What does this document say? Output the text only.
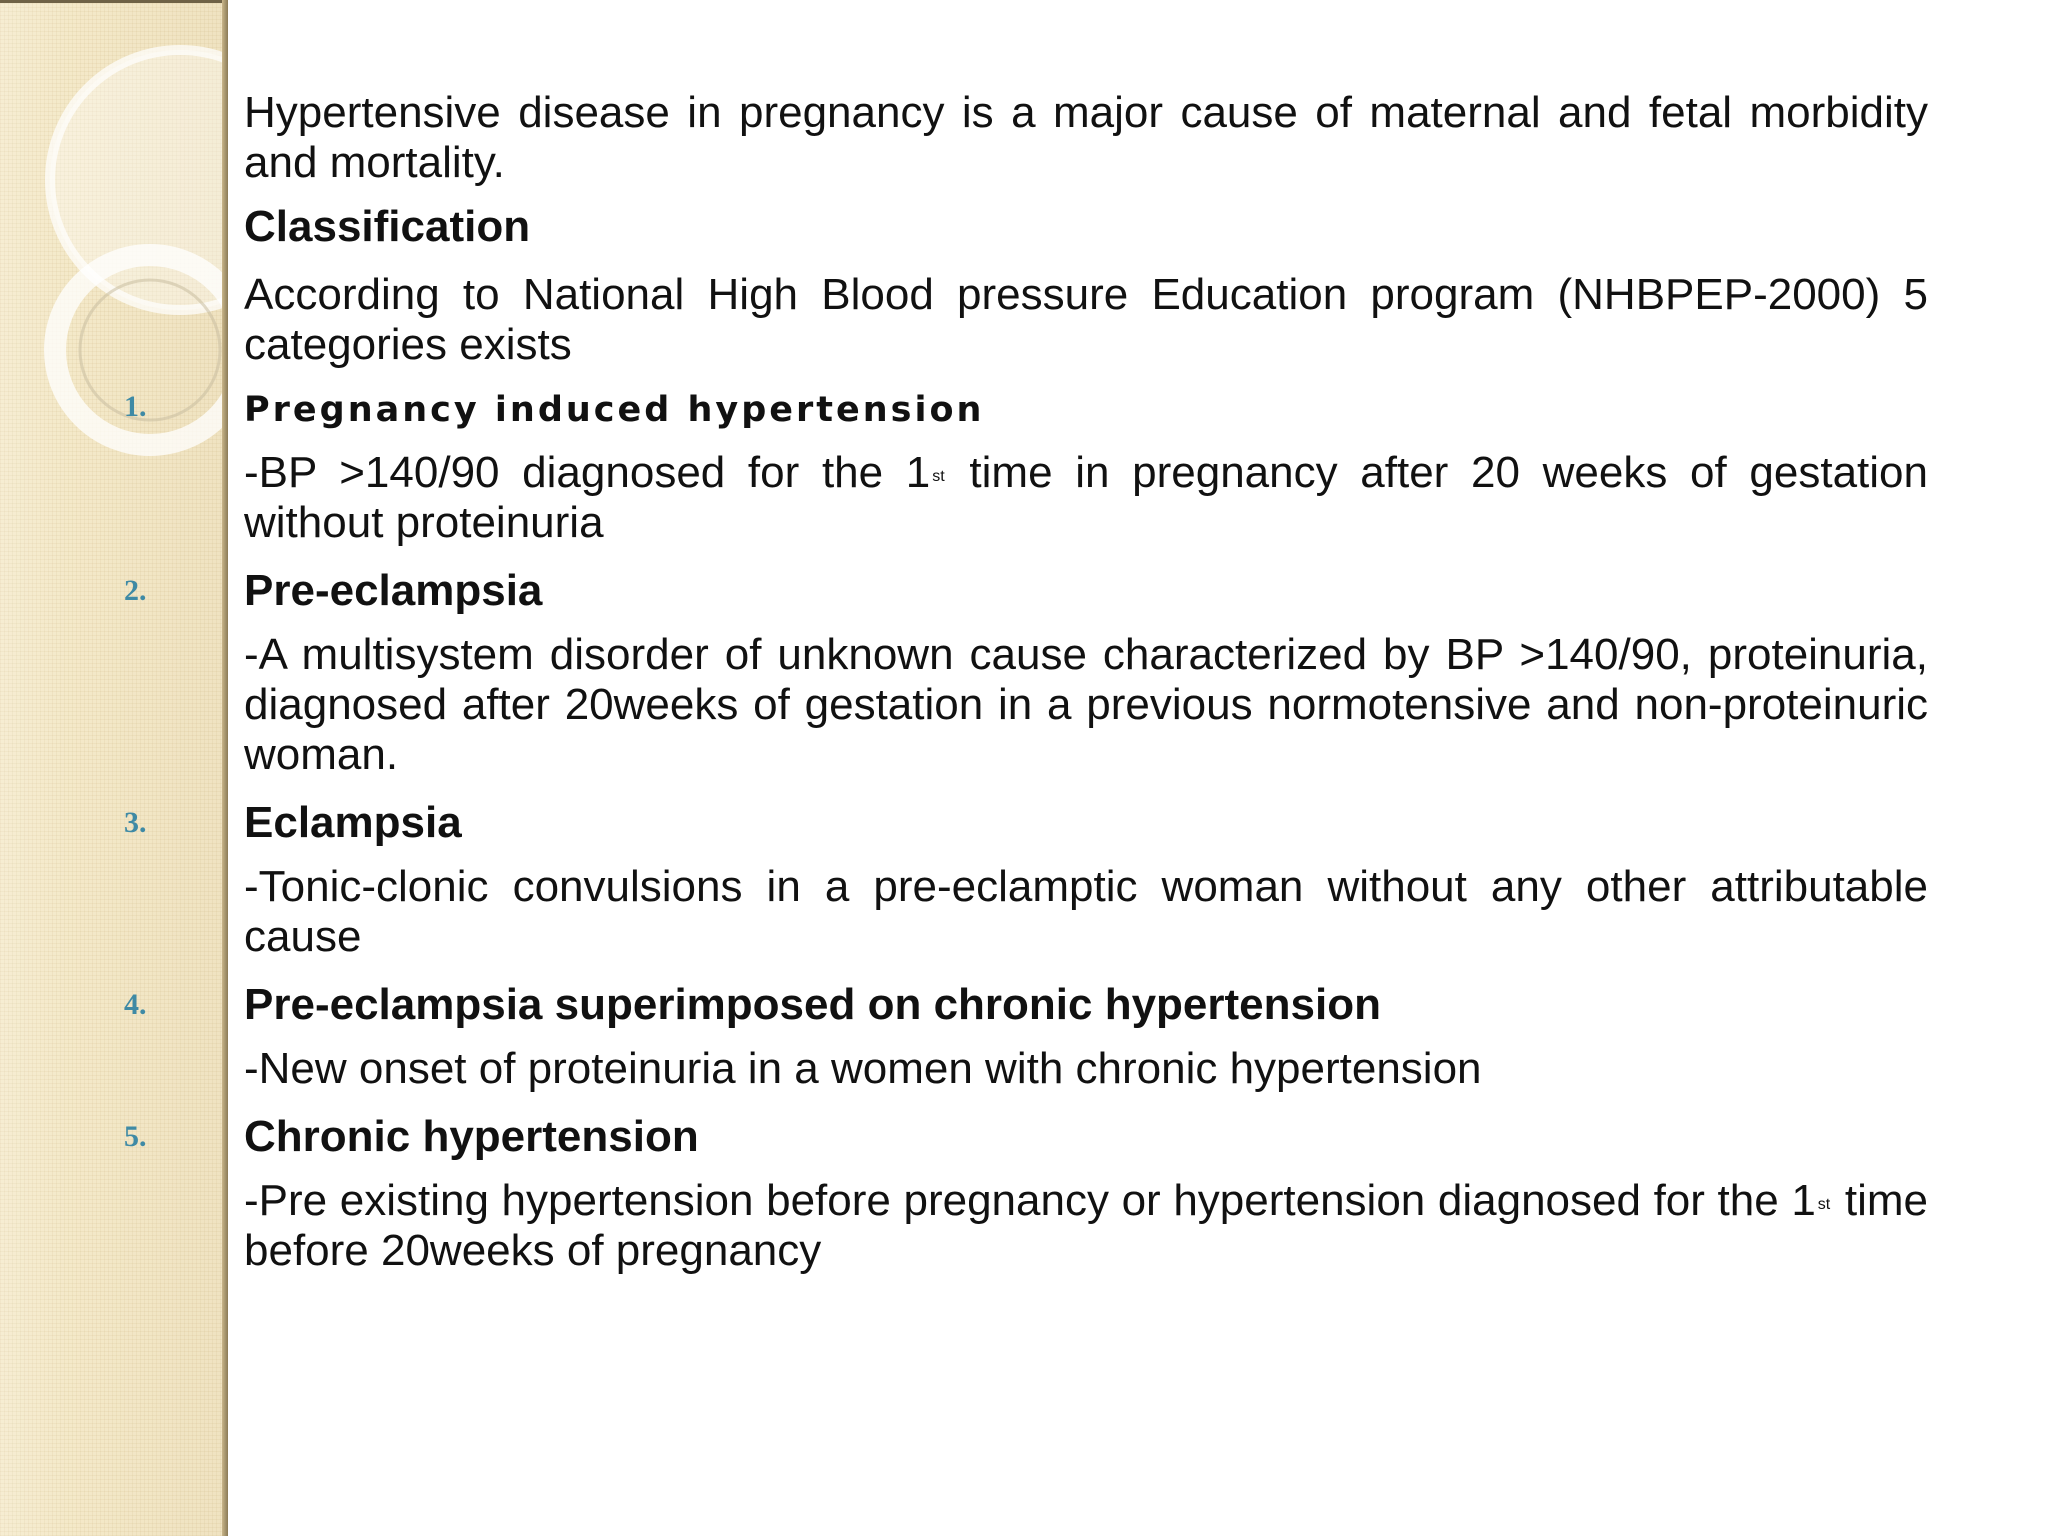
Hypertensive disease in pregnancy is a major cause of maternal and fetal morbidity and mortality.

Classification

According to National High Blood pressure Education program (NHBPEP-2000) 5 categories exists

1.	Pregnancy induced hypertension

-BP >140/90 diagnosed for the 1 $^{st}$ time in pregnancy after 20 weeks of gestation without proteinuria

2.	Pre-eclampsia

-A multisystem disorder of unknown cause characterized by BP >140/90, proteinuria, diagnosed after 20weeks of gestation in a previous normotensive and non-proteinuric woman.

3.	Eclampsia

-Tonic-clonic convulsions in a pre-eclamptic woman without any other attributable cause

4.	Pre-eclampsia superimposed on chronic hypertension

-New onset of proteinuria in a women with chronic hypertension

5.	Chronic hypertension

-Pre existing hypertension before pregnancy or hypertension diagnosed for the 1 $^{st}$ time before 20weeks of pregnancy
